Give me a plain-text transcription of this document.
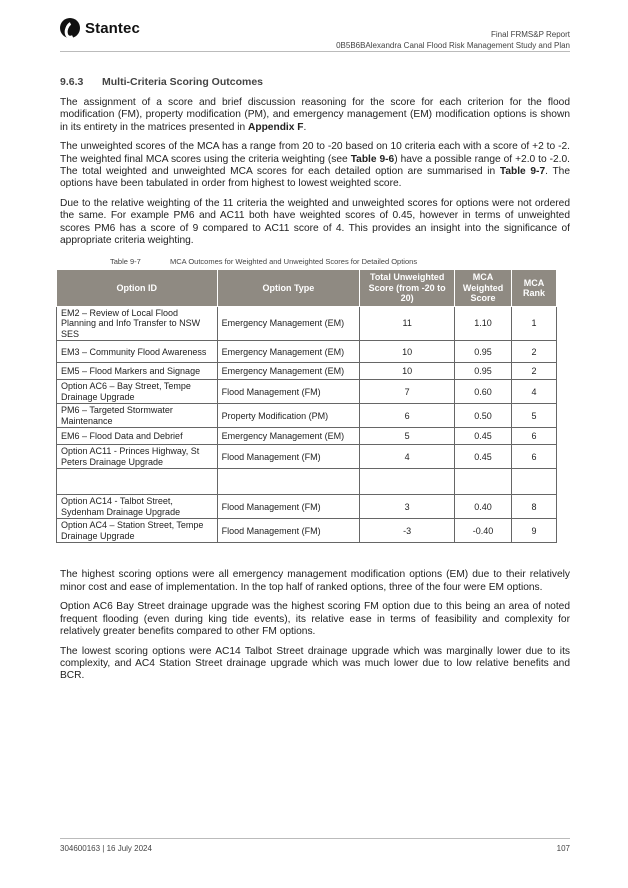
Stantec	Final FRMS&P Report
0B5B6BAlexandra Canal Flood Risk Management Study and Plan
9.6.3 Multi-Criteria Scoring Outcomes

The assignment of a score and brief discussion reasoning for the score for each criterion for the flood modification (FM), property modification (PM), and emergency management (EM) modification options is shown in its entirety in the matrices presented in Appendix F.

The unweighted scores of the MCA has a range from 20 to -20 based on 10 criteria each with a score of +2 to -2. The weighted final MCA scores using the criteria weighting (see Table 9-6) have a possible range of +2.0 to -2.0. The total weighted and unweighted MCA scores for each detailed option are summarised in Table 9-7. The options have been tabulated in order from highest to lowest weighted score.

Due to the relative weighting of the 11 criteria the weighted and unweighted scores for options were not ordered the same. For example PM6 and AC11 both have weighted scores of 0.45, however in terms of unweighted scores PM6 has a score of 9 compared to AC11 score of 4. This provides an insight into the significance of appropriate criteria weighting.

Table 9-7	MCA Outcomes for Weighted and Unweighted Scores for Detailed Options
Option ID	Option Type	Total Unweighted Score (from -20 to 20)	MCA Weighted Score	MCA Rank
EM2 – Review of Local Flood Planning and Info Transfer to NSW SES	Emergency Management (EM)	11	1.10	1
EM3 – Community Flood Awareness	Emergency Management (EM)	10	0.95	2
EM5 – Flood Markers and Signage	Emergency Management (EM)	10	0.95	2
Option AC6 – Bay Street, Tempe Drainage Upgrade	Flood Management (FM)	7	0.60	4
PM6 – Targeted Stormwater Maintenance	Property Modification (PM)	6	0.50	5
EM6 – Flood Data and Debrief	Emergency Management (EM)	5	0.45	6
Option AC11 - Princes Highway, St Peters Drainage Upgrade	Flood Management (FM)	4	0.45	6

Option AC14 - Talbot Street, Sydenham Drainage Upgrade	Flood Management (FM)	3	0.40	8
Option AC4 – Station Street, Tempe Drainage Upgrade	Flood Management (FM)	-3	-0.40	9

The highest scoring options were all emergency management modification options (EM) due to their relatively minor cost and ease of implementation. In the top half of ranked options, three of the four were EM options.

Option AC6 Bay Street drainage upgrade was the highest scoring FM option due to this being an area of noted frequent flooding (even during king tide events), its relative ease in terms of feasibility and complexity for relatively greater benefits compared to other FM options.

The lowest scoring options were AC14 Talbot Street drainage upgrade which was marginally lower due to its complexity, and AC4 Station Street drainage upgrade which was much lower due to low relative benefits and BCR.

304600163 | 16 July 2024	107
